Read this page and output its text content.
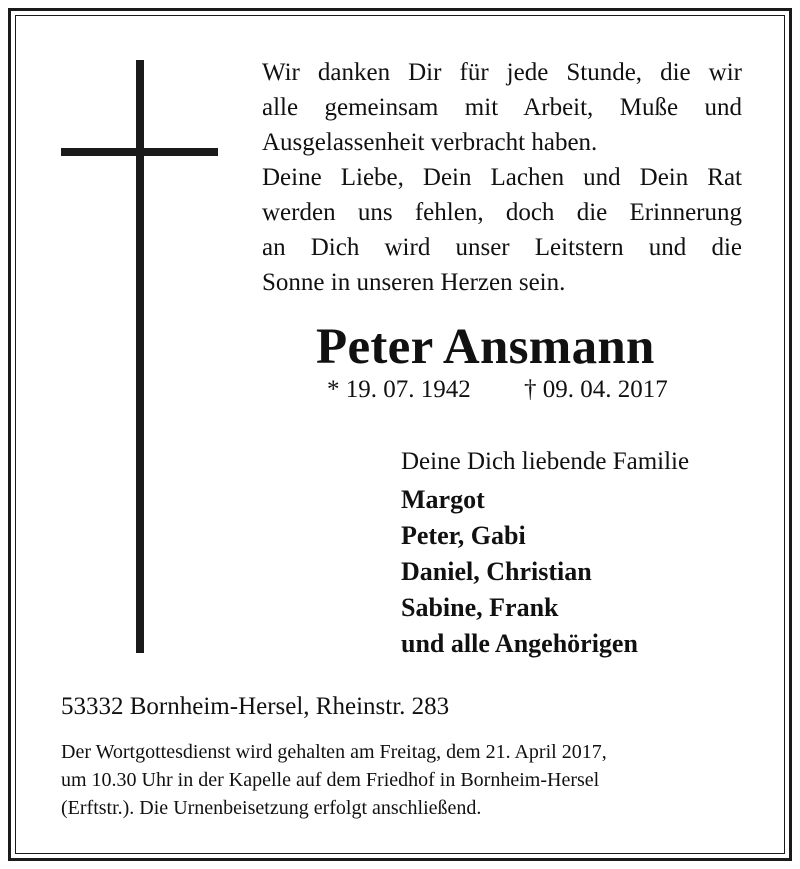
Wir danken Dir für jede Stunde, die wir
alle gemeinsam mit Arbeit, Muße und
Ausgelassenheit verbracht haben.
Deine Liebe, Dein Lachen und Dein Rat
werden uns fehlen, doch die Erinnerung
an Dich wird unser Leitstern und die
Sonne in unseren Herzen sein.
Peter Ansmann
* 19. 07. 1942 † 09. 04. 2017
Deine Dich liebende Familie
Margot
Peter, Gabi
Daniel, Christian
Sabine, Frank
und alle Angehörigen
53332 Bornheim-Hersel, Rheinstr. 283
Der Wortgottesdienst wird gehalten am Freitag, dem 21. April 2017,
um 10.30 Uhr in der Kapelle auf dem Friedhof in Bornheim-Hersel
(Erftstr.). Die Urnenbeisetzung erfolgt anschließend.
